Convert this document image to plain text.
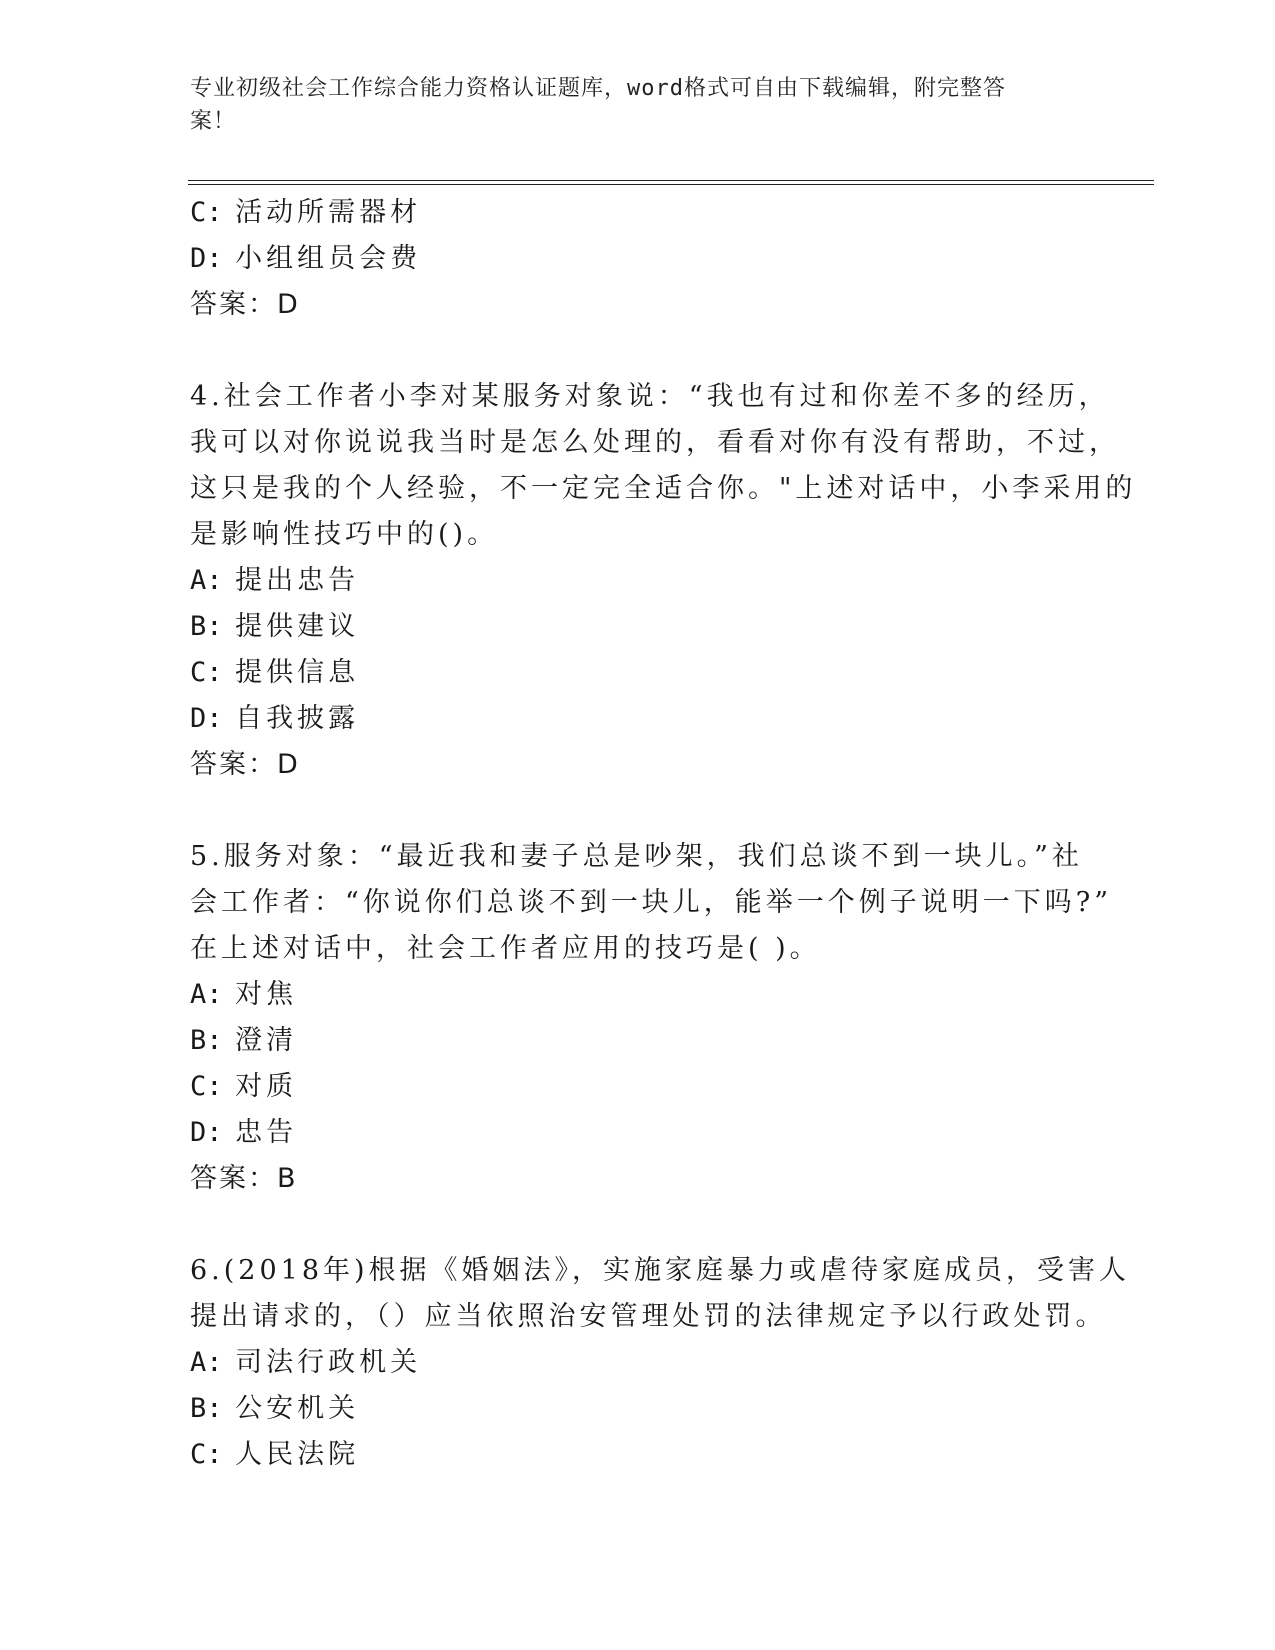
专业初级社会工作综合能力资格认证题库，word格式可自由下载编辑，附完整答
案！
C: 活动所需器材
D: 小组组员会费
答案：D
4.社会工作者小李对某服务对象说：“我也有过和你差不多的经历，
我可以对你说说我当时是怎么处理的，看看对你有没有帮助，不过，
这只是我的个人经验，不一定完全适合你。"上述对话中，小李采用的
是影响性技巧中的()。
A: 提出忠告
B: 提供建议
C: 提供信息
D: 自我披露
答案：D
5.服务对象：“最近我和妻子总是吵架，我们总谈不到一块儿。”社
会工作者：“你说你们总谈不到一块儿，能举一个例子说明一下吗?”
在上述对话中，社会工作者应用的技巧是( )。
A: 对焦
B: 澄清
C: 对质
D: 忠告
答案：B
6.(2018年)根据《婚姻法》，实施家庭暴力或虐待家庭成员，受害人
提出请求的，（）应当依照治安管理处罚的法律规定予以行政处罚。
A: 司法行政机关
B: 公安机关
C: 人民法院
